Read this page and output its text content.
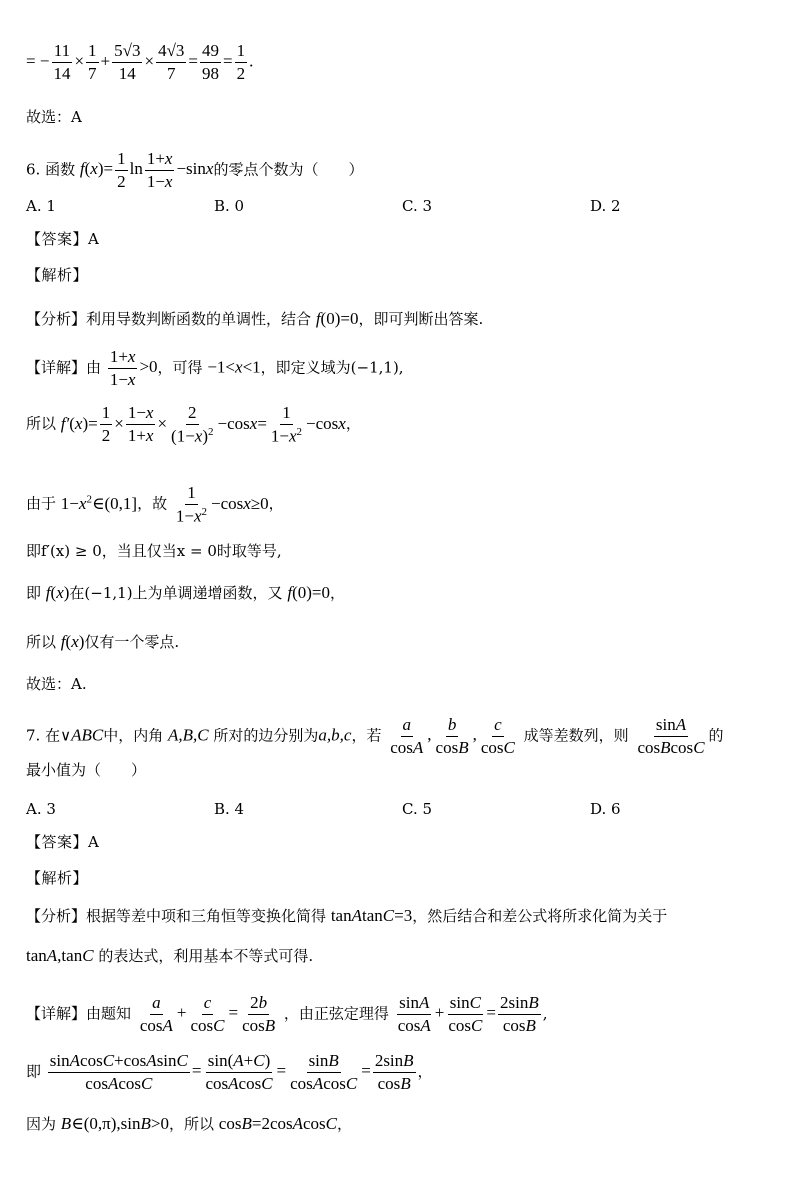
= − $\frac{11}{14} \times \frac{1}{7} + \frac{5√3}{14} \times \frac{4√3}{7} = \frac{49}{98} = \frac{1}{2}$ .
故选：A
6. 函数 $f(x)= \frac{1}{2}$ $\ln \frac{1+x}{1-x} -\sin x$的零点个数为（　　）
A. 1	B. 0	C. 3	D. 2
【答案】A
【解析】
【分析】利用导数判断函数的单调性，结合 f(0)=0，即可判断出答案.
【详解】由 $\frac{1+x}{1-x} >0$，可得 −1<x<1，即定义域为(−1,1),
所以 $f'(x)= \frac{1}{2} \times \frac{1-x}{1+x} \times \frac{2}{(1-x)^2} -\cos x= \frac{1}{1-x^2} -\cos x$，
由于 $1-x^2\in(0,1]$，故 $\frac{1}{1-x^2} -\cos x\ge 0$，
即f′(x) ≥ 0，当且仅当x = 0时取等号,
即 f(x)在(−1,1)上为单调递增函数，又 f(0)=0，
所以 f(x)仅有一个零点.
故选：A.
7. 在∨ABC中，内角 A,B,C 所对的边分别为a,b,c，若 $\frac{a}{\cos A}$ , $\frac{b}{\cos B}$ , $\frac{c}{\cos C}$ 成等差数列，则 $\frac{\sin A}{\text{cosBcosC}}$ 的
最小值为（　　）
A. 3	B. 4	C. 5	D. 6
【答案】A
【解析】
【分析】根据等差中项和三角恒等变换化简得 tanAtanC=3，然后结合和差公式将所求化简为关于
tanA,tanC 的表达式，利用基本不等式可得.
【详解】由题知 $\frac{a}{\cos A} + \frac{c}{\cos C} = \frac{2b}{\cos B}$ ，由正弦定理得 $\frac{\sin A}{\cos A} + \frac{\sin C}{\cos C} = \frac{2\sin B}{\cos B}$ ,
即 $\frac{\text{sinAcosC+cosAsinC}}{\text{cosAcosC}} = \frac{\sin(A+C)}{\text{cosAcosC}} = \frac{\sin B}{\text{cosAcosC}} = \frac{2\sin B}{\cos B}$ ，
因为 B∈(0,π),sinB>0，所以 cosB=2cosAcosC，
